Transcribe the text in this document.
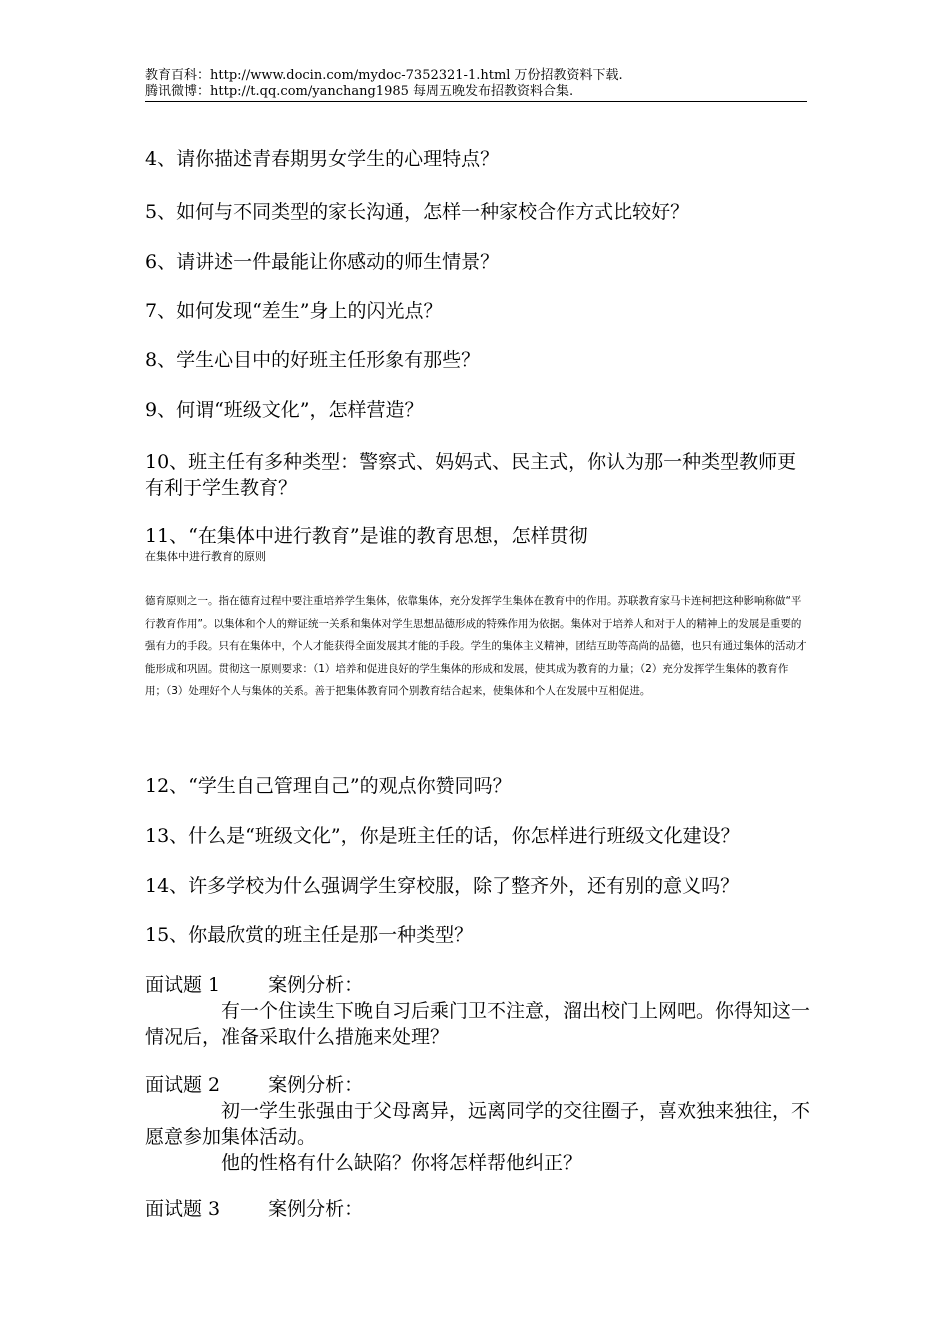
教育百科：http://www.docin.com/mydoc-7352321-1.html 万份招教资料下载.
腾讯微博：http://t.qq.com/yanchang1985 每周五晚发布招教资料合集.
4、请你描述青春期男女学生的心理特点？
5、如何与不同类型的家长沟通，怎样一种家校合作方式比较好？
6、请讲述一件最能让你感动的师生情景？
7、如何发现“差生”身上的闪光点？
8、学生心目中的好班主任形象有那些？
9、何谓“班级文化”，怎样营造？
10、班主任有多种类型：警察式、妈妈式、民主式，你认为那一种类型教师更有利于学生教育？
11、“在集体中进行教育”是谁的教育思想，怎样贯彻
在集体中进行教育的原则
德育原则之一。指在德育过程中要注重培养学生集体，依靠集体，充分发挥学生集体在教育中的作用。苏联教育家马卡连柯把这种影响称做“平行教育作用”。以集体和个人的辩证统一关系和集体对学生思想品德形成的特殊作用为依据。集体对于培养人和对于人的精神上的发展是重要的强有力的手段。只有在集体中，个人才能获得全面发展其才能的手段。学生的集体主义精神，团结互助等高尚的品德，也只有通过集体的活动才能形成和巩固。贯彻这一原则要求：（1）培养和促进良好的学生集体的形成和发展，使其成为教育的力量；（2）充分发挥学生集体的教育作用；（3）处理好个人与集体的关系。善于把集体教育同个别教育结合起来，使集体和个人在发展中互相促进。
12、“学生自己管理自己”的观点你赞同吗？
13、什么是“班级文化”，你是班主任的话，你怎样进行班级文化建设？
14、许多学校为什么强调学生穿校服，除了整齐外，还有别的意义吗？
15、你最欣赏的班主任是那一种类型？
面试题 1	案例分析：
有一个住读生下晚自习后乘门卫不注意，溜出校门上网吧。你得知这一情况后，准备采取什么措施来处理？
面试题 2	案例分析：
初一学生张强由于父母离异，远离同学的交往圈子，喜欢独来独往，不愿意参加集体活动。
他的性格有什么缺陷？你将怎样帮他纠正？
面试题 3	案例分析：
